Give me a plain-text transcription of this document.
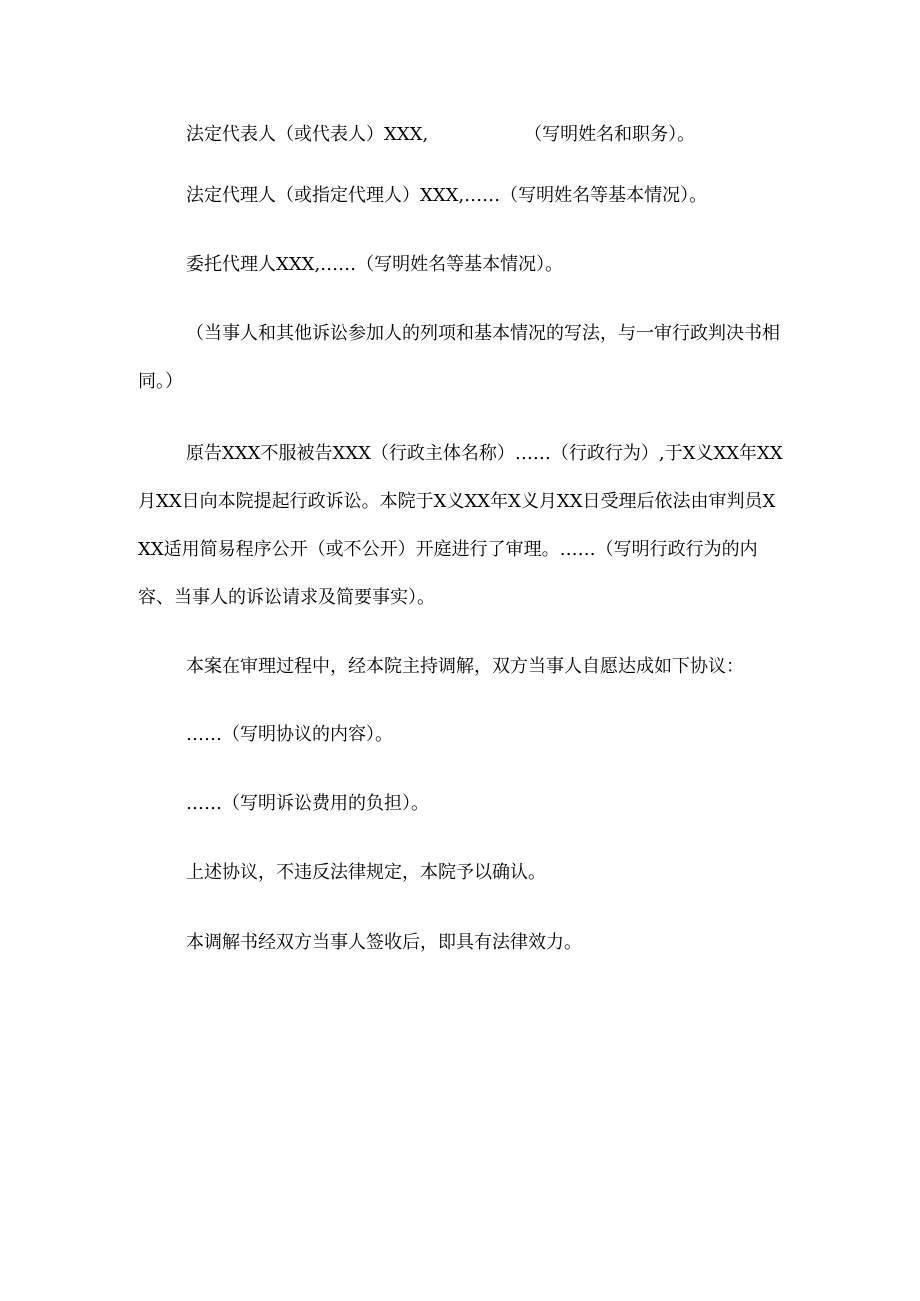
法定代表人（或代表人）XXX,	（写明姓名和职务）。

法定代理人（或指定代理人）XXX,……（写明姓名等基本情况）。

委托代理人XXX,……（写明姓名等基本情况）。

（当事人和其他诉讼参加人的列项和基本情况的写法，与一审行政判决书相同。）

原告XXX不服被告XXX（行政主体名称）……（行政行为）,于X义XX年XX月XX日向本院提起行政诉讼。本院于X义XX年X义月XX日受理后依法由审判员XXX适用简易程序公开（或不公开）开庭进行了审理。……（写明行政行为的内容、当事人的诉讼请求及简要事实）。

本案在审理过程中，经本院主持调解，双方当事人自愿达成如下协议：

……（写明协议的内容）。

……（写明诉讼费用的负担）。

上述协议，不违反法律规定，本院予以确认。

本调解书经双方当事人签收后，即具有法律效力。
